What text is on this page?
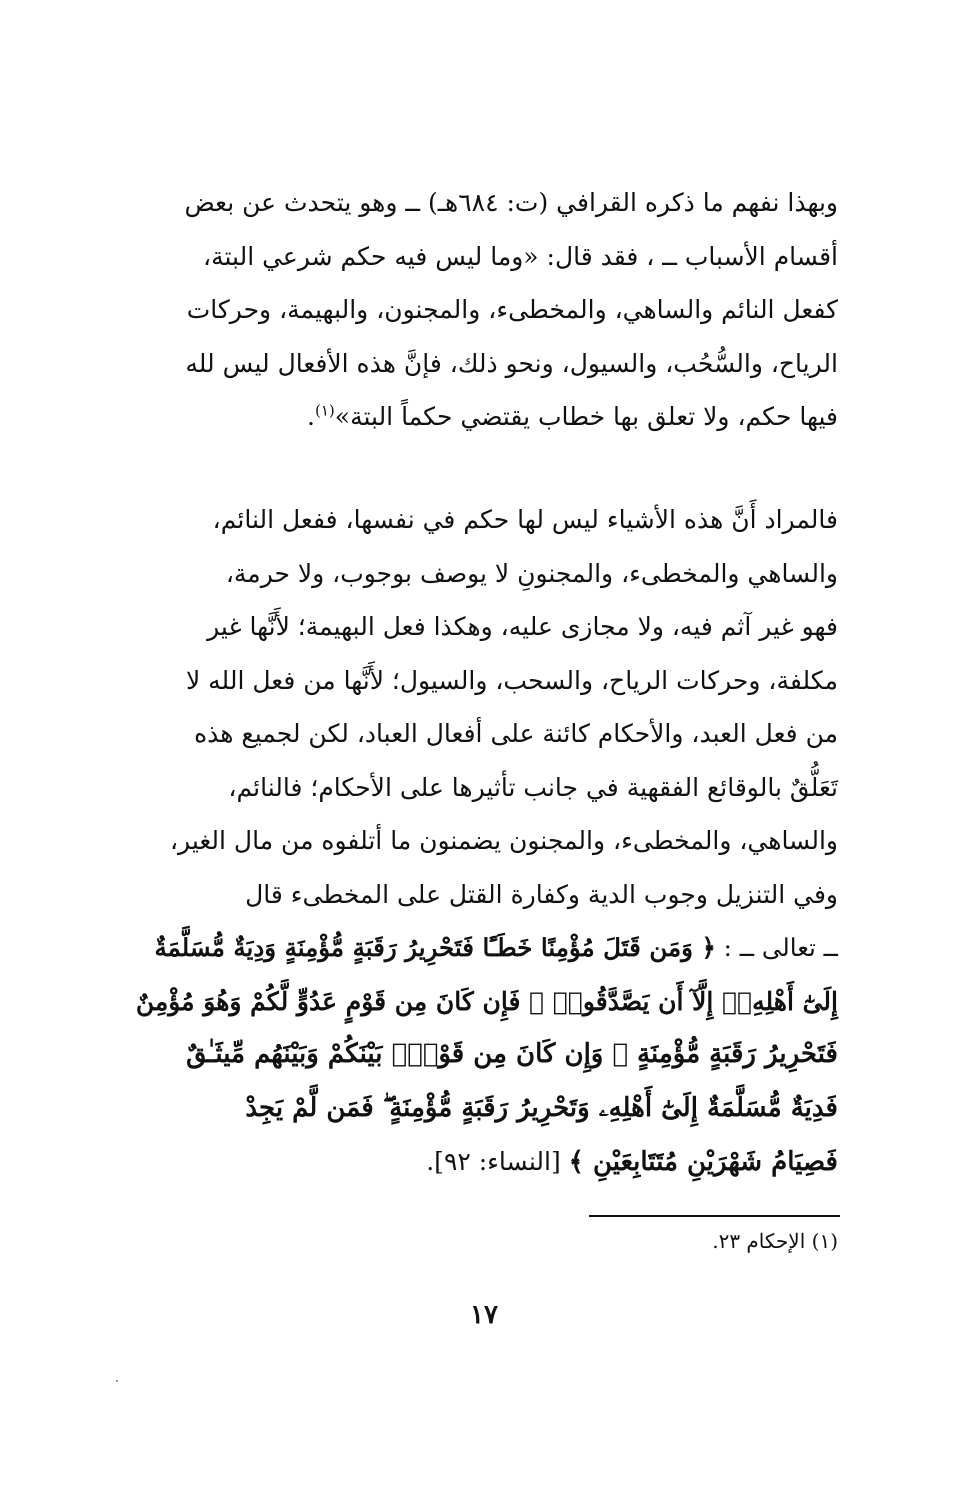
وبهذا نفهم ما ذكره القرافي (ت: ٦٨٤هـ) ــ وهو يتحدث عن بعض
أقسام الأسباب ــ ، فقد قال: «وما ليس فيه حكم شرعي البتة،
كفعل النائم والساهي، والمخطىء، والمجنون، والبهيمة، وحركات
الرياح، والسُّحُب، والسيول، ونحو ذلك، فإنَّ هذه الأفعال ليس لله
فيها حكم، ولا تعلق بها خطاب يقتضي حكماً البتة»$^{(١)}$.
فالمراد أَنَّ هذه الأشياء ليس لها حكم في نفسها، ففعل النائم،
والساهي والمخطىء، والمجنونِ لا يوصف بوجوب، ولا حرمة،
فهو غير آثم فيه، ولا مجازى عليه، وهكذا فعل البهيمة؛ لأَنَّها غير
مكلفة، وحركات الرياح، والسحب، والسيول؛ لأَنَّها من فعل الله لا
من فعل العبد، والأحكام كائنة على أفعال العباد، لكن لجميع هذه
تَعَلُّقٌ بالوقائع الفقهية في جانب تأثيرها على الأحكام؛ فالنائم،
والساهي، والمخطىء، والمجنون يضمنون ما أتلفوه من مال الغير،
وفي التنزيل وجوب الدية وكفارة القتل على المخطىء قال
ــ تعالى ــ : ﴿ وَمَن قَتَلَ مُؤْمِنًا خَطَـًٔا فَتَحْرِيرُ رَقَبَةٍ مُّؤْمِنَةٍ وَدِيَةٌ مُّسَلَّمَةٌ
إِلَىٰٓ أَهْلِهِۦٓ إِلَّآ أَن يَصَّدَّقُوا۟ ۚ فَإِن كَانَ مِن قَوْمٍ عَدُوٍّ لَّكُمْ وَهُوَ مُؤْمِنٌ
فَتَحْرِيرُ رَقَبَةٍ مُّؤْمِنَةٍ ۖ وَإِن كَانَ مِن قَوْمٍۭ بَيْنَكُمْ وَبَيْنَهُم مِّيثَـٰقٌ
فَدِيَةٌ مُّسَلَّمَةٌ إِلَىٰٓ أَهْلِهِۦ وَتَحْرِيرُ رَقَبَةٍ مُّؤْمِنَةٍ ۖ فَمَن لَّمْ يَجِدْ
فَصِيَامُ شَهْرَيْنِ مُتَتَابِعَيْنِ ﴾ [النساء: ٩٢].

(١) الإحكام ٢٣.

١٧
